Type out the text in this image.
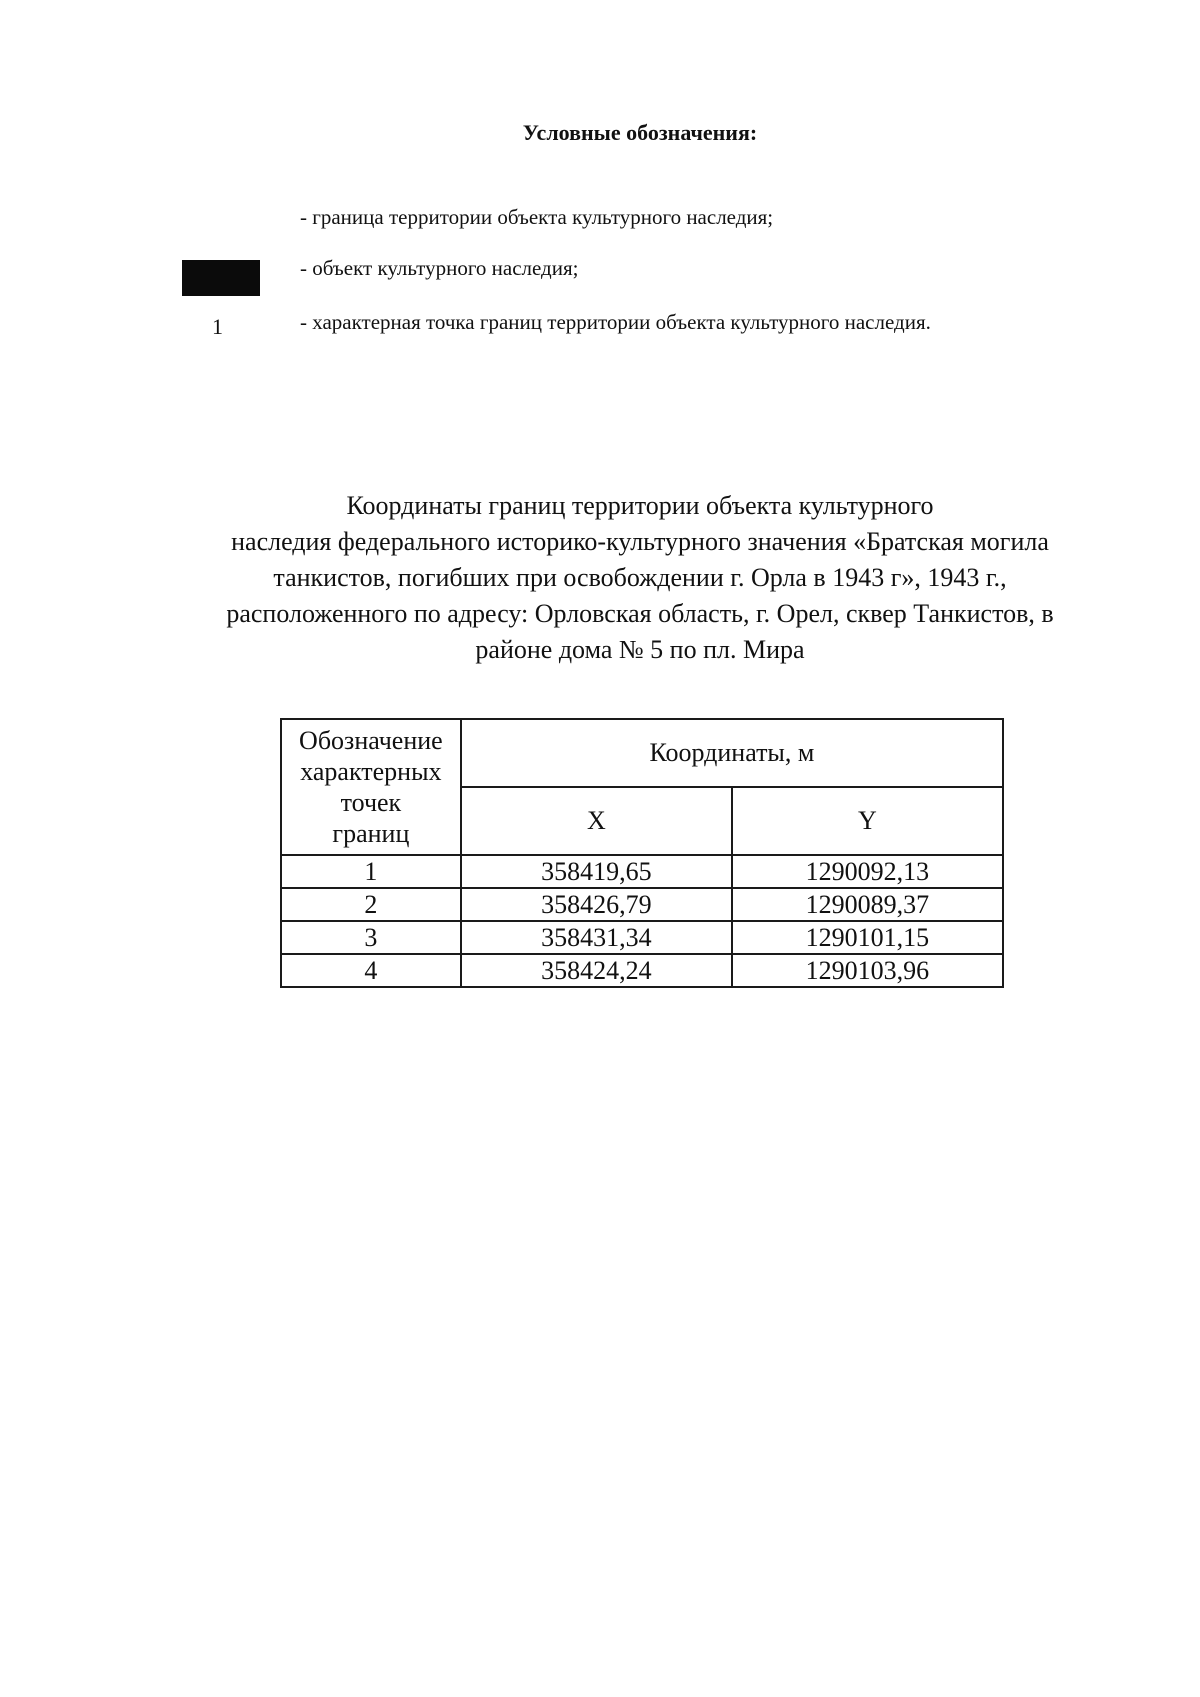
Условные обозначения:
- граница территории объекта культурного наследия;
- объект культурного наследия;
1	- характерная точка границ территории объекта культурного наследия.
Координаты границ территории объекта культурного
наследия федерального историко-культурного значения «Братская могила
танкистов, погибших при освобождении г. Орла в 1943 г», 1943 г.,
расположенного по адресу: Орловская область, г. Орел, сквер Танкистов, в
районе дома № 5 по пл. Мира
Обозначение
характерных
точек
границ	Координаты, м	
	X	Y
1	358419,65	1290092,13
2	358426,79	1290089,37
3	358431,34	1290101,15
4	358424,24	1290103,96
